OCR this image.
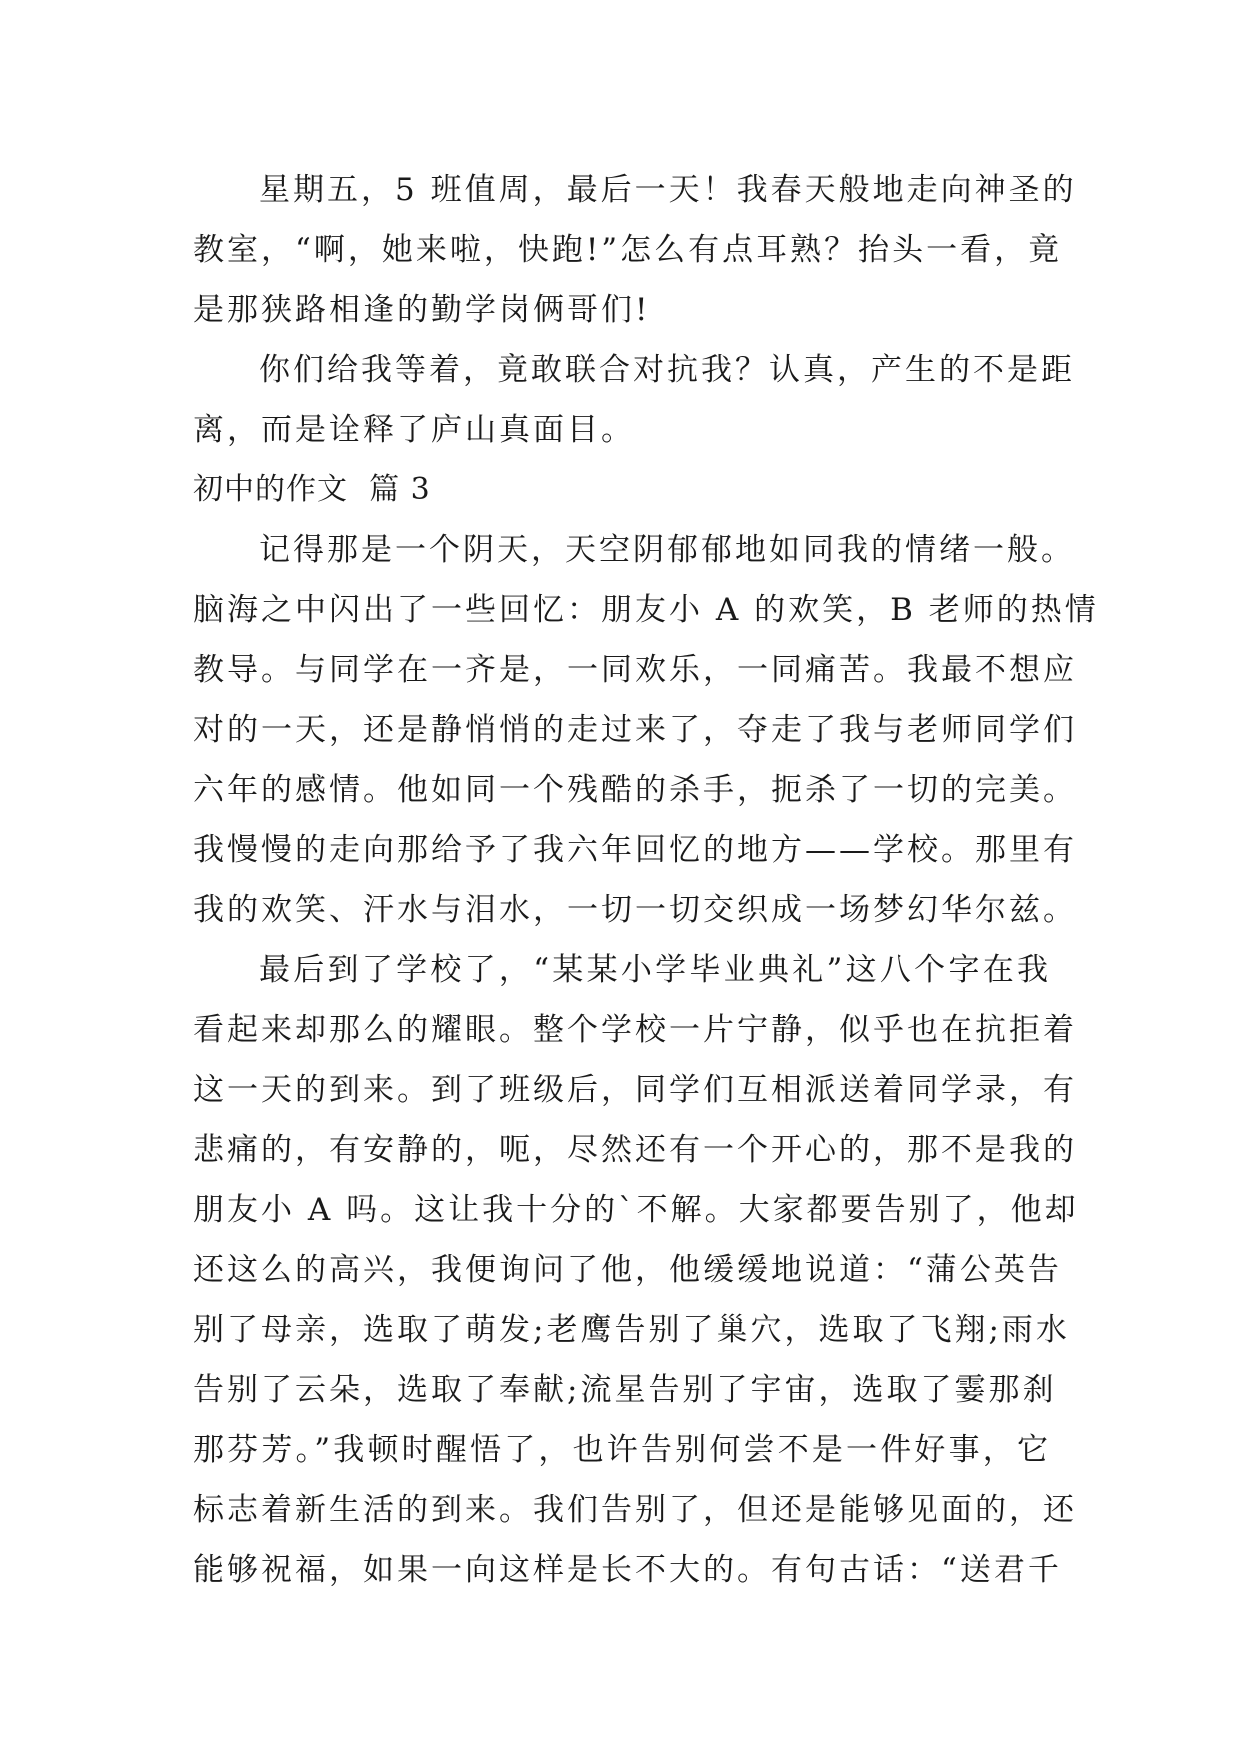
星期五，5 班值周，最后一天！我春天般地走向神圣的
教室，“啊，她来啦，快跑!”怎么有点耳熟？抬头一看，竟
是那狭路相逢的勤学岗俩哥们!
你们给我等着，竟敢联合对抗我？认真，产生的不是距
离，而是诠释了庐山真面目。
初中的作文  篇 3
记得那是一个阴天，天空阴郁郁地如同我的情绪一般。
脑海之中闪出了一些回忆：朋友小 A 的欢笑，B 老师的热情
教导。与同学在一齐是，一同欢乐，一同痛苦。我最不想应
对的一天，还是静悄悄的走过来了，夺走了我与老师同学们
六年的感情。他如同一个残酷的杀手，扼杀了一切的完美。
我慢慢的走向那给予了我六年回忆的地方——学校。那里有
我的欢笑、汗水与泪水，一切一切交织成一场梦幻华尔兹。
最后到了学校了，“某某小学毕业典礼”这八个字在我
看起来却那么的耀眼。整个学校一片宁静，似乎也在抗拒着
这一天的到来。到了班级后，同学们互相派送着同学录，有
悲痛的，有安静的，呃，尽然还有一个开心的，那不是我的
朋友小 A 吗。这让我十分的`不解。大家都要告别了，他却
还这么的高兴，我便询问了他，他缓缓地说道：“蒲公英告
别了母亲，选取了萌发;老鹰告别了巢穴，选取了飞翔;雨水
告别了云朵，选取了奉献;流星告别了宇宙，选取了霎那刹
那芬芳。”我顿时醒悟了，也许告别何尝不是一件好事，它
标志着新生活的到来。我们告别了，但还是能够见面的，还
能够祝福，如果一向这样是长不大的。有句古话：“送君千
